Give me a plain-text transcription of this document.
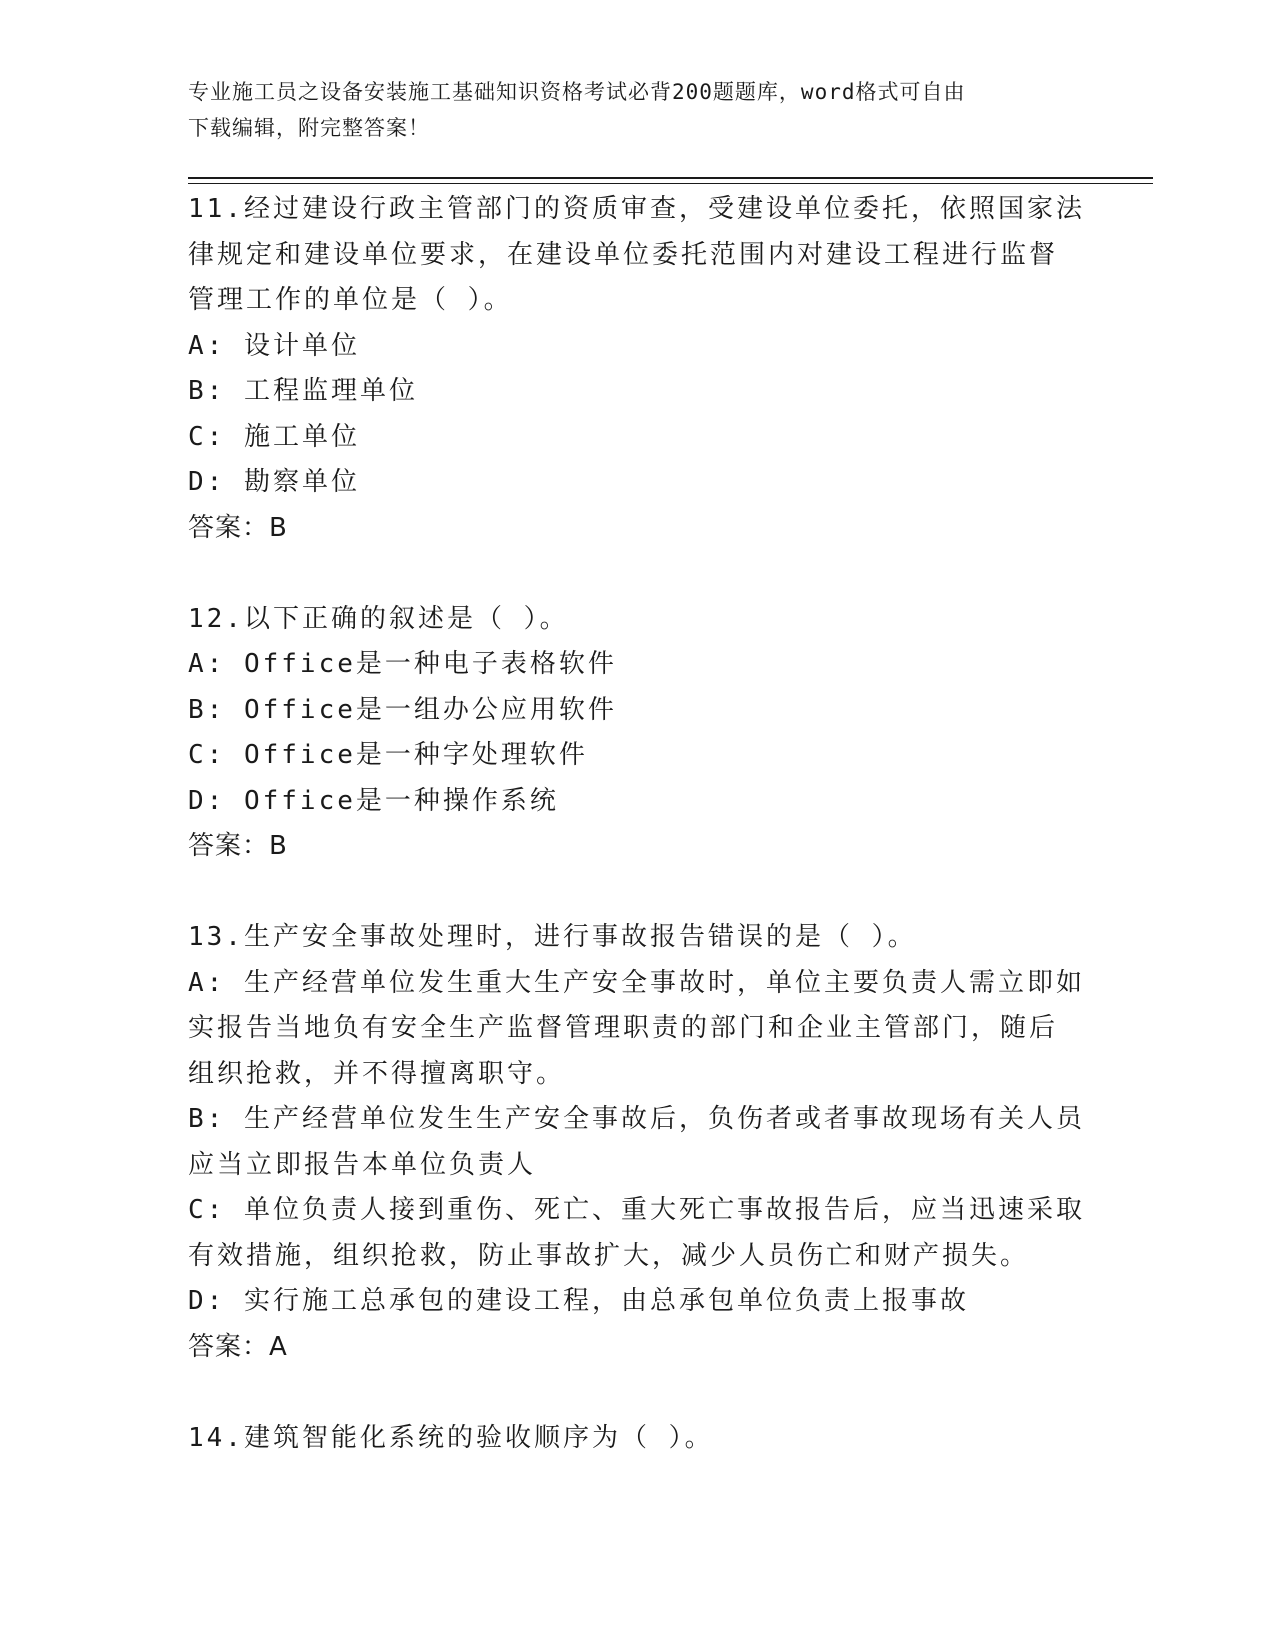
专业施工员之设备安装施工基础知识资格考试必背200题题库，word格式可自由
下载编辑，附完整答案！
11.经过建设行政主管部门的资质审查，受建设单位委托，依照国家法
律规定和建设单位要求，在建设单位委托范围内对建设工程进行监督
管理工作的单位是（ ）。
A: 设计单位
B: 工程监理单位
C: 施工单位
D: 勘察单位
答案：B
12.以下正确的叙述是（ ）。
A: Office是一种电子表格软件
B: Office是一组办公应用软件
C: Office是一种字处理软件
D: Office是一种操作系统
答案：B
13.生产安全事故处理时，进行事故报告错误的是（ ）。
A: 生产经营单位发生重大生产安全事故时，单位主要负责人需立即如
实报告当地负有安全生产监督管理职责的部门和企业主管部门，随后
组织抢救，并不得擅离职守。
B: 生产经营单位发生生产安全事故后，负伤者或者事故现场有关人员
应当立即报告本单位负责人
C: 单位负责人接到重伤、死亡、重大死亡事故报告后，应当迅速采取
有效措施，组织抢救，防止事故扩大，减少人员伤亡和财产损失。
D: 实行施工总承包的建设工程，由总承包单位负责上报事故
答案：A
14.建筑智能化系统的验收顺序为（ ）。
